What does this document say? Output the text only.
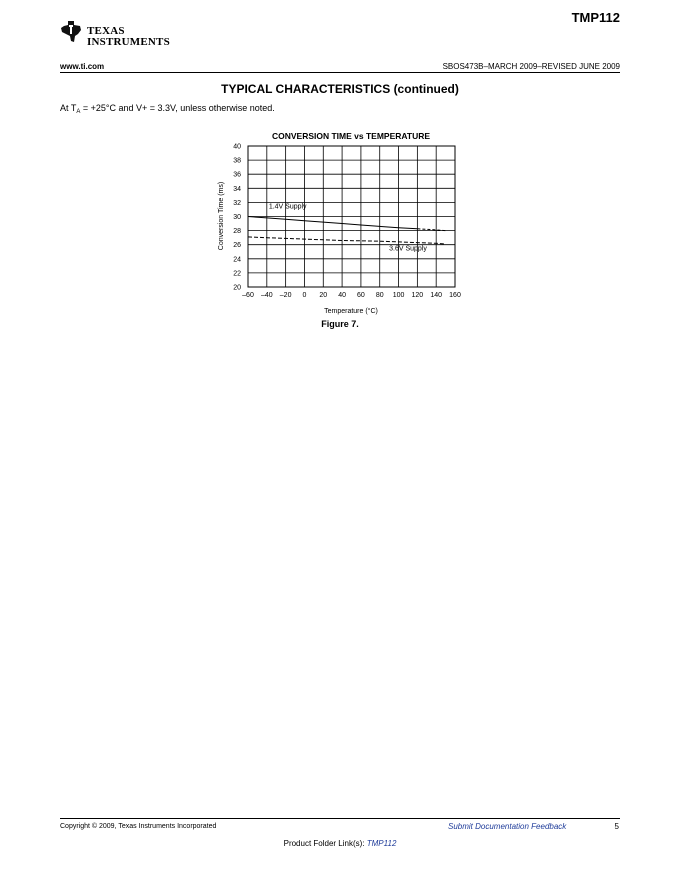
TEXAS
INSTRUMENTS
TMP112
www.ti.com	SBOS473B–MARCH 2009–REVISED JUNE 2009
TYPICAL CHARACTERISTICS (continued)
At $T_A = +25^\circ C$ and V+ = 3.3V, unless otherwise noted.
CONVERSION TIME vs TEMPERATURE
20
22
24
26
28
30
32
34
36
38
40
–60 –40 –20 0 20 40 60 80 100 120 140 160
1.4V Supply
3.6V Supply
Conversion Time (ms)
Temperature (°C)
Figure 7.
Copyright © 2009, Texas Instruments Incorporated	Submit Documentation Feedback	5
Product Folder Link(s): TMP112
